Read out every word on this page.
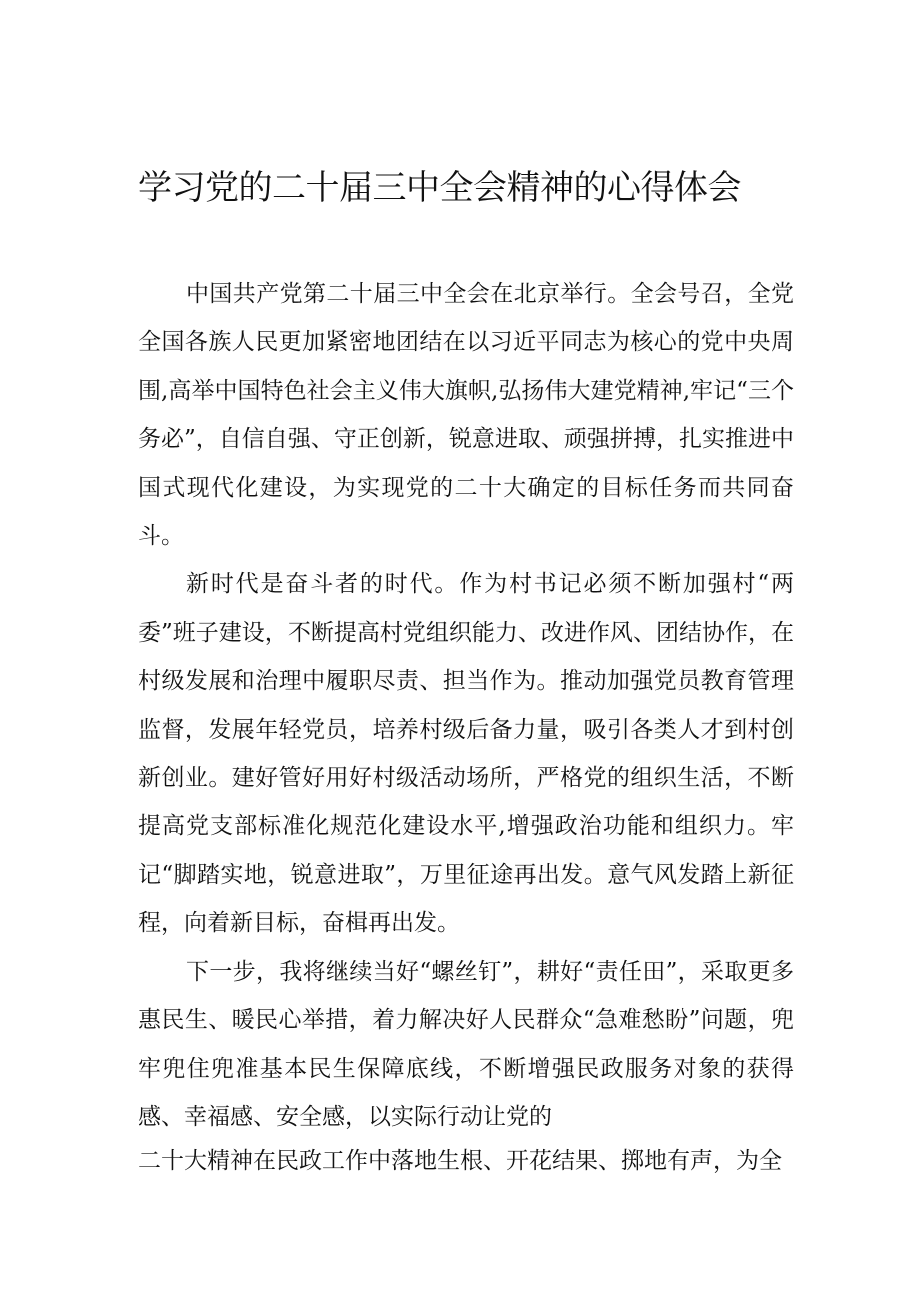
学习党的二十届三中全会精神的心得体会

中国共产党第二十届三中全会在北京举行。全会号召，全党全国各族人民更加紧密地团结在以习近平同志为核心的党中央周围,高举中国特色社会主义伟大旗帜,弘扬伟大建党精神,牢记“三个务必”，自信自强、守正创新，锐意进取、顽强拼搏，扎实推进中国式现代化建设，为实现党的二十大确定的目标任务而共同奋斗。

新时代是奋斗者的时代。作为村书记必须不断加强村“两委”班子建设，不断提高村党组织能力、改进作风、团结协作，在村级发展和治理中履职尽责、担当作为。推动加强党员教育管理监督，发展年轻党员，培养村级后备力量，吸引各类人才到村创新创业。建好管好用好村级活动场所，严格党的组织生活，不断提高党支部标准化规范化建设水平,增强政治功能和组织力。牢记“脚踏实地，锐意进取”，万里征途再出发。意气风发踏上新征程，向着新目标，奋楫再出发。

下一步，我将继续当好“螺丝钉”，耕好“责任田”，采取更多惠民生、暖民心举措，着力解决好人民群众“急难愁盼”问题，兜牢兜住兜准基本民生保障底线，不断增强民政服务对象的获得感、幸福感、安全感，以实际行动让党的

二十大精神在民政工作中落地生根、开花结果、掷地有声，为全
